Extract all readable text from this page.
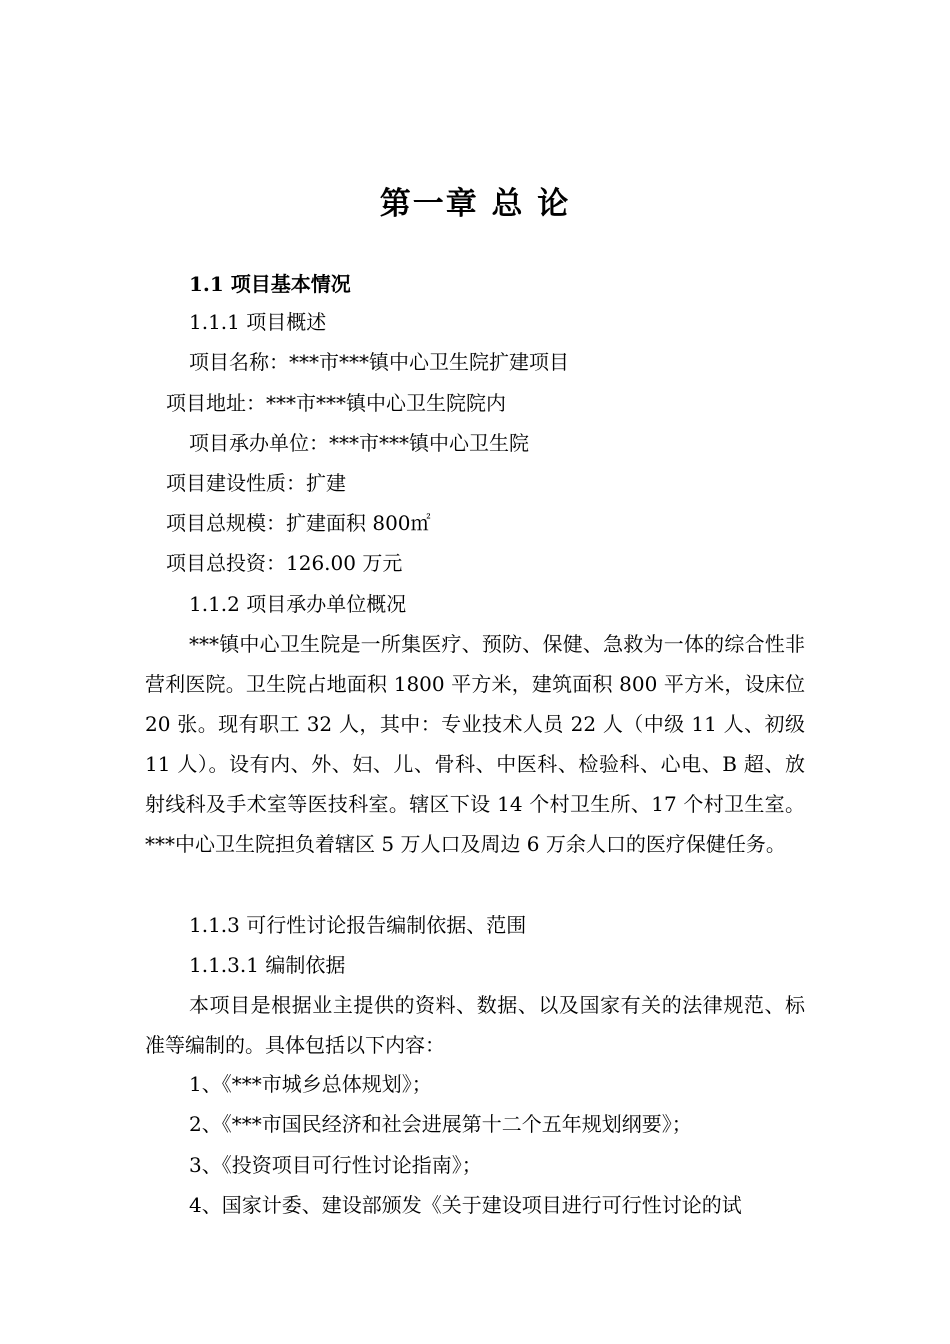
第一章 总 论

1.1 项目基本情况

1.1.1 项目概述

项目名称：***市***镇中心卫生院扩建项目

项目地址：***市***镇中心卫生院院内

项目承办单位：***市***镇中心卫生院

项目建设性质：扩建

项目总规模：扩建面积 800㎡

项目总投资：126.00 万元

1.1.2 项目承办单位概况

***镇中心卫生院是一所集医疗、预防、保健、急救为一体的综合性非营利医院。卫生院占地面积 1800 平方米，建筑面积 800 平方米，设床位 20 张。现有职工 32 人，其中：专业技术人员 22 人（中级 11 人、初级 11 人）。设有内、外、妇、儿、骨科、中医科、检验科、心电、B 超、放射线科及手术室等医技科室。辖区下设 14 个村卫生所、17 个村卫生室。***中心卫生院担负着辖区 5 万人口及周边 6 万余人口的医疗保健任务。

1.1.3 可行性讨论报告编制依据、范围

1.1.3.1 编制依据

本项目是根据业主提供的资料、数据、以及国家有关的法律规范、标准等编制的。具体包括以下内容：

1、《***市城乡总体规划》；

2、《***市国民经济和社会进展第十二个五年规划纲要》；

3、《投资项目可行性讨论指南》；

4、国家计委、建设部颁发《关于建设项目进行可行性讨论的试
